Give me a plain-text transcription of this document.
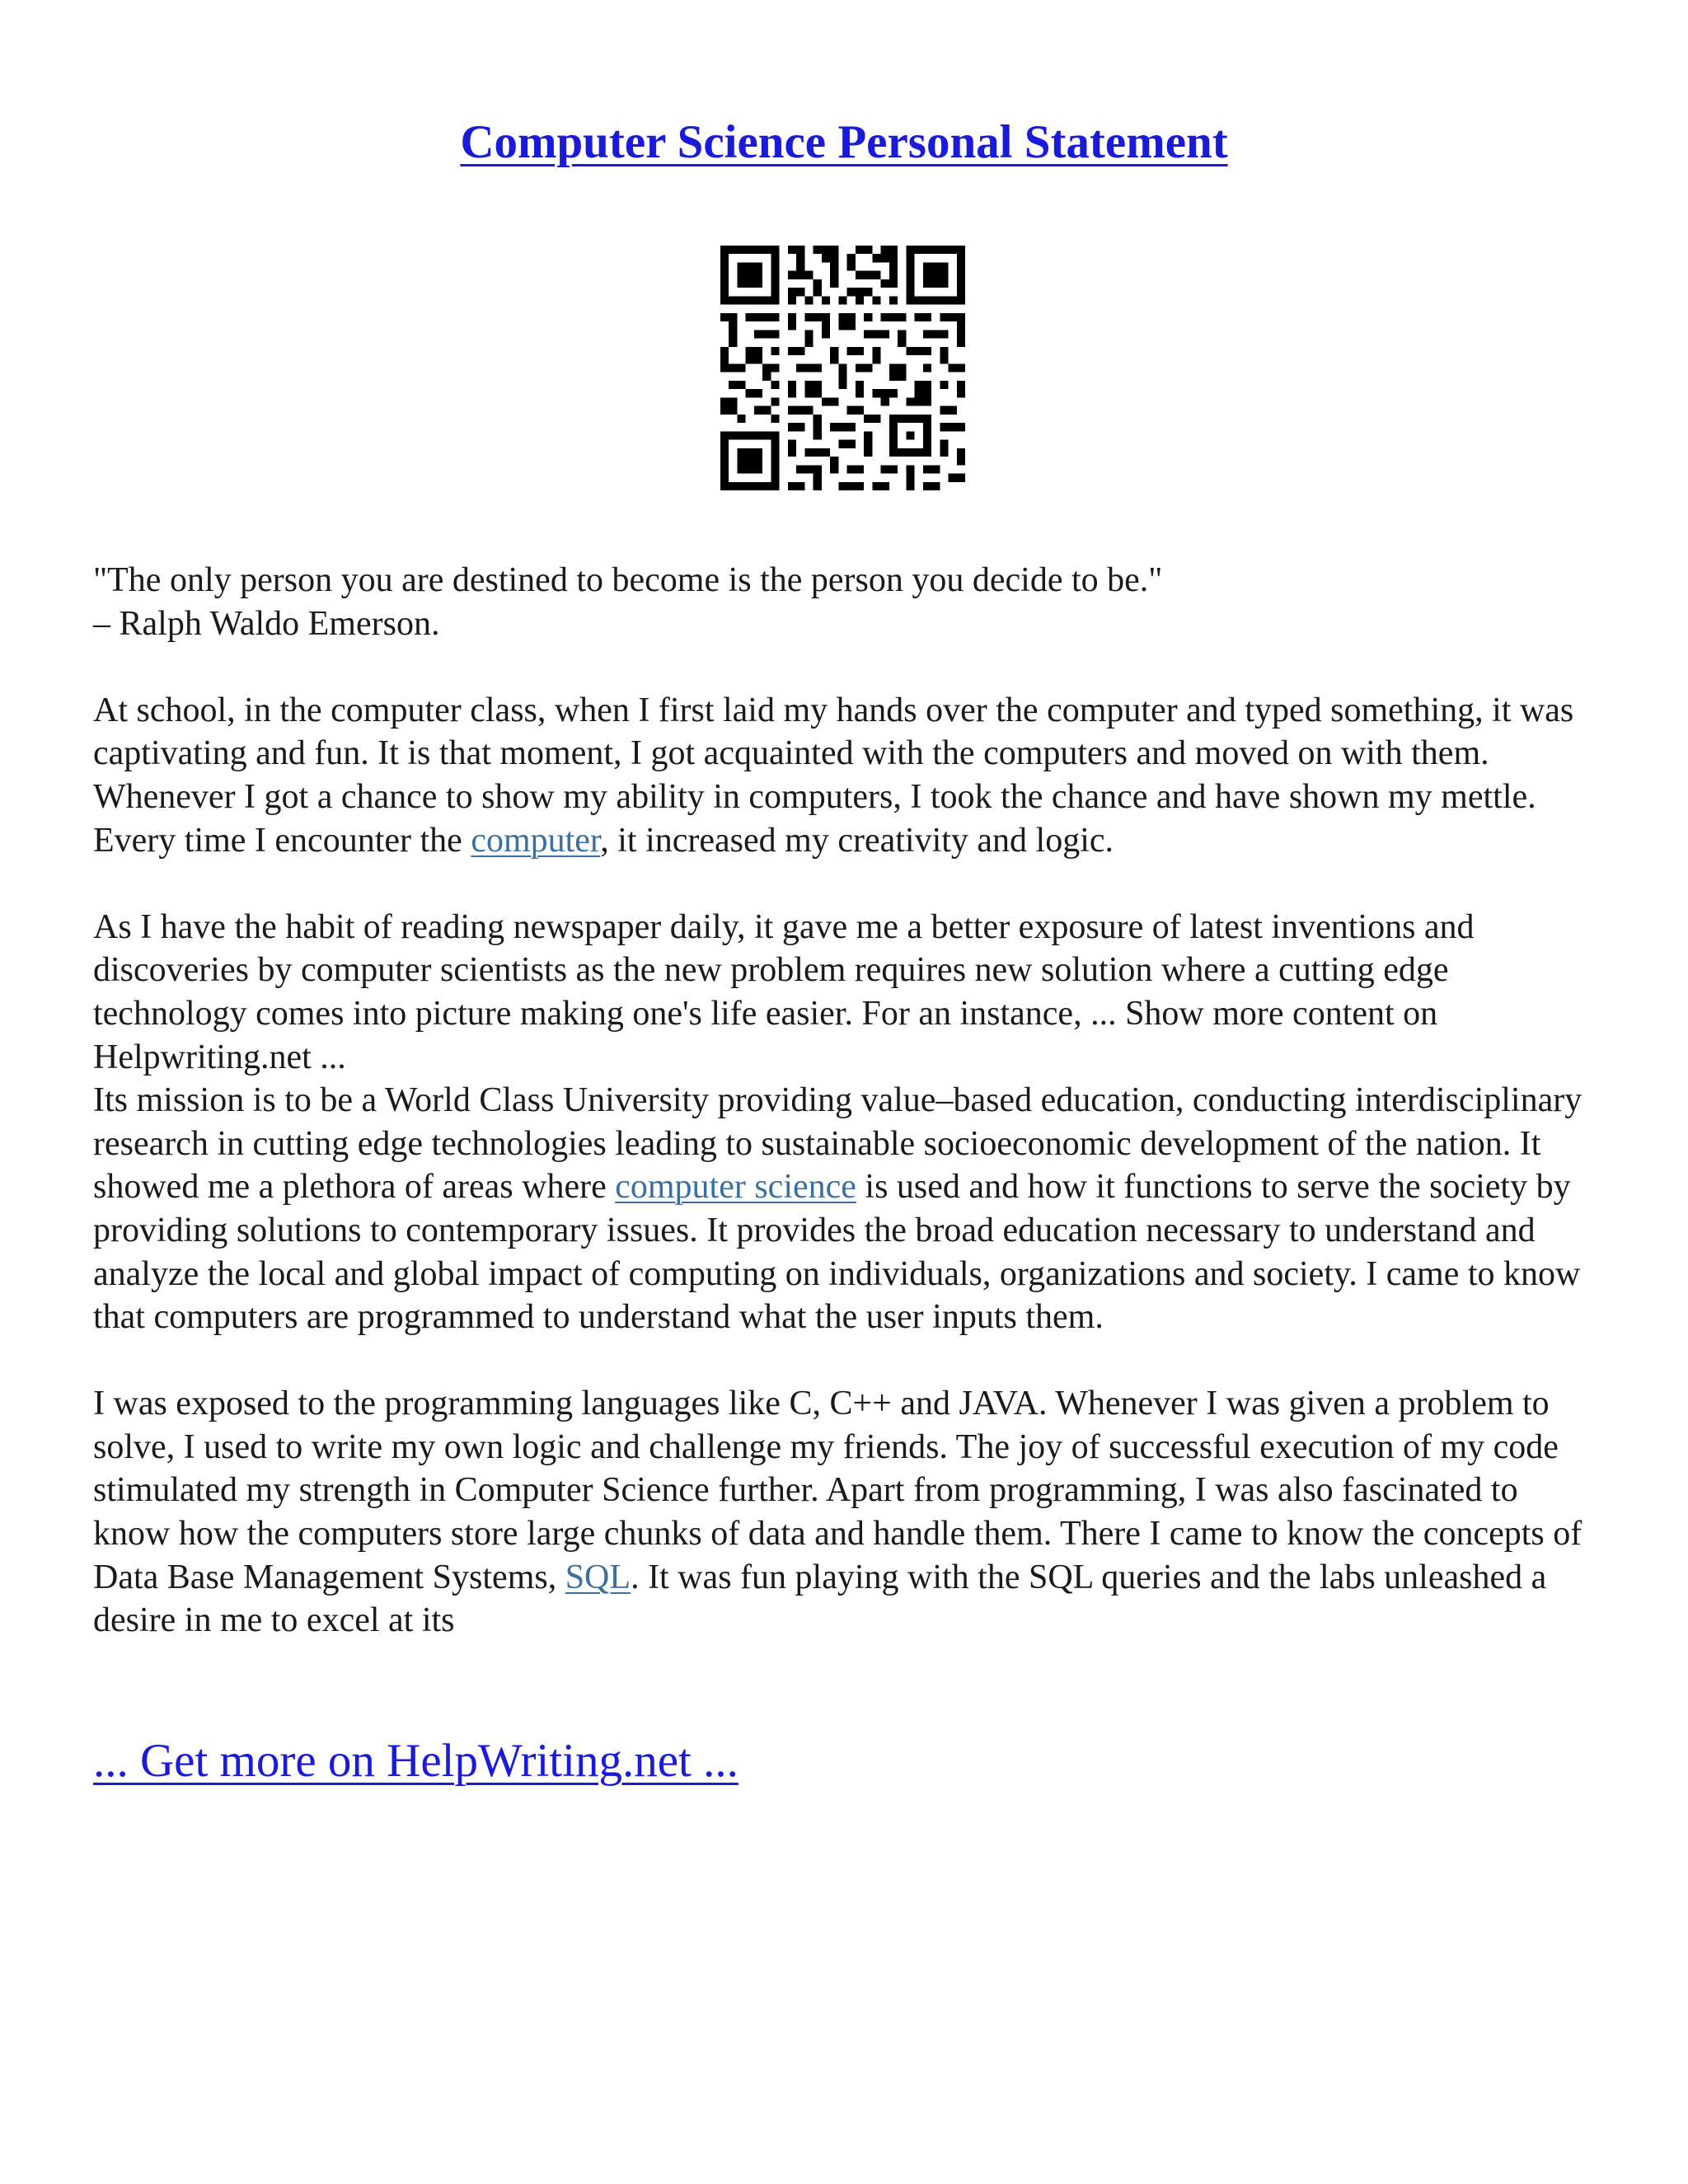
Computer Science Personal Statement

"The only person you are destined to become is the person you decide to be."

– Ralph Waldo Emerson.

At school, in the computer class, when I first laid my hands over the computer and typed something, it was captivating and fun. It is that moment, I got acquainted with the computers and moved on with them. Whenever I got a chance to show my ability in computers, I took the chance and have shown my mettle. Every time I encounter the computer, it increased my creativity and logic.

As I have the habit of reading newspaper daily, it gave me a better exposure of latest inventions and discoveries by computer scientists as the new problem requires new solution where a cutting edge technology comes into picture making one's life easier. For an instance, ... Show more content on Helpwriting.net ...

Its mission is to be a World Class University providing value–based education, conducting interdisciplinary research in cutting edge technologies leading to sustainable socioeconomic development of the nation. It showed me a plethora of areas where computer science is used and how it functions to serve the society by providing solutions to contemporary issues. It provides the broad education necessary to understand and analyze the local and global impact of computing on individuals, organizations and society. I came to know that computers are programmed to understand what the user inputs them.

I was exposed to the programming languages like C, C++ and JAVA. Whenever I was given a problem to solve, I used to write my own logic and challenge my friends. The joy of successful execution of my code stimulated my strength in Computer Science further. Apart from programming, I was also fascinated to know how the computers store large chunks of data and handle them. There I came to know the concepts of Data Base Management Systems, SQL. It was fun playing with the SQL queries and the labs unleashed a desire in me to excel at its

... Get more on HelpWriting.net ...
